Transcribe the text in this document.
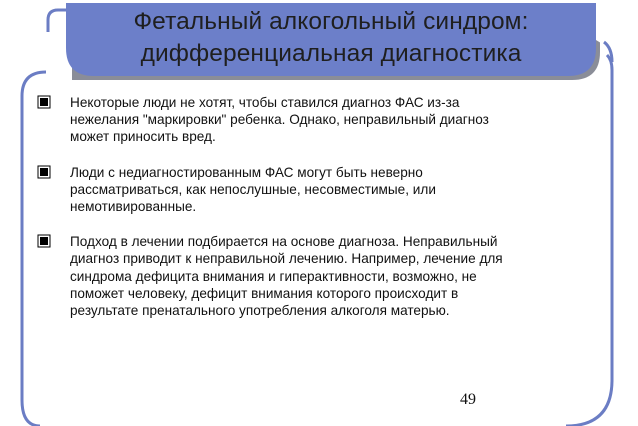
Фетальный алкогольный синдром:
дифференциальная диагностика
Некоторые люди не хотят, чтобы ставился диагноз ФАС из-за
нежелания "маркировки" ребенка. Однако, неправильный диагноз
может приносить вред.
Люди с недиагностированным ФАС могут быть неверно
рассматриваться, как непослушные, несовместимые, или
немотивированные.
Подход в лечении подбирается на основе диагноза. Неправильный
диагноз приводит к неправильной лечению. Например, лечение для
синдрома дефицита внимания и гиперактивности, возможно, не
поможет человеку, дефицит внимания которого происходит в
результате пренатального употребления алкоголя матерью.
49
